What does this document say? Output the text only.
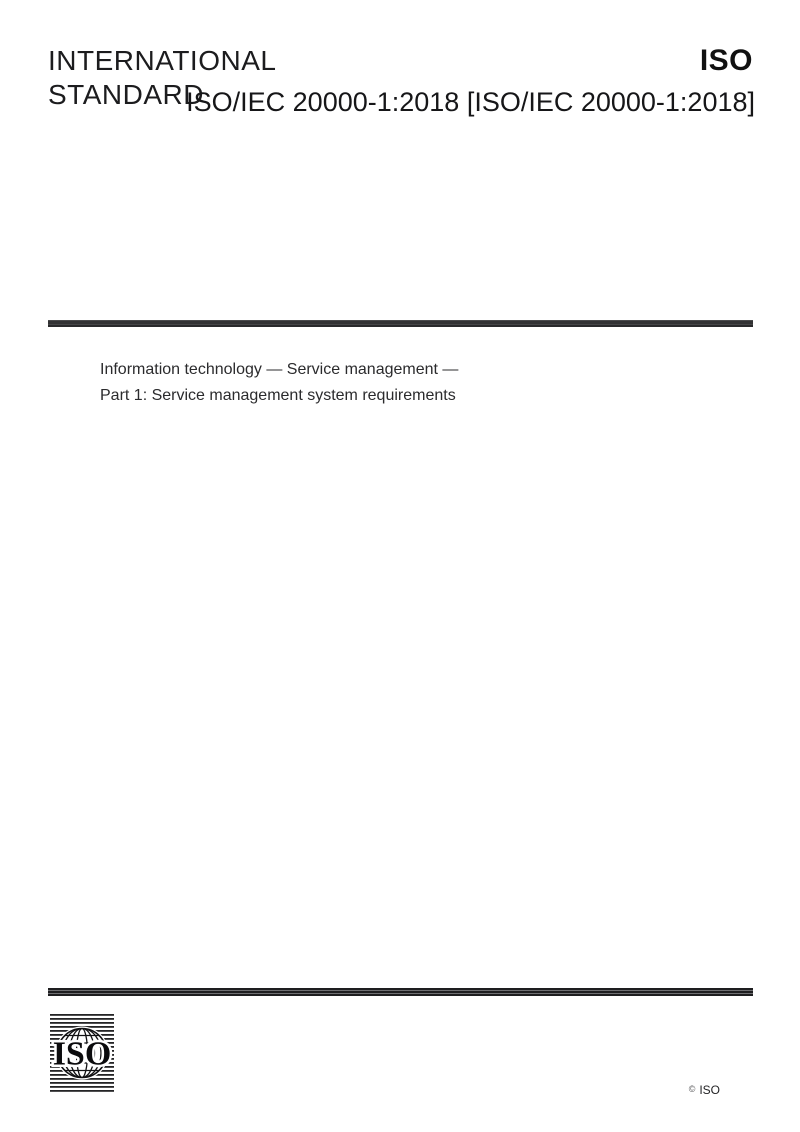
INTERNATIONAL
STANDARD
ISO
ISO/IEC 20000-1:2018 [ISO/IEC 20000-1:2018]
Information technology — Service management —
Part 1: Service management system requirements
ISO
© ISO
